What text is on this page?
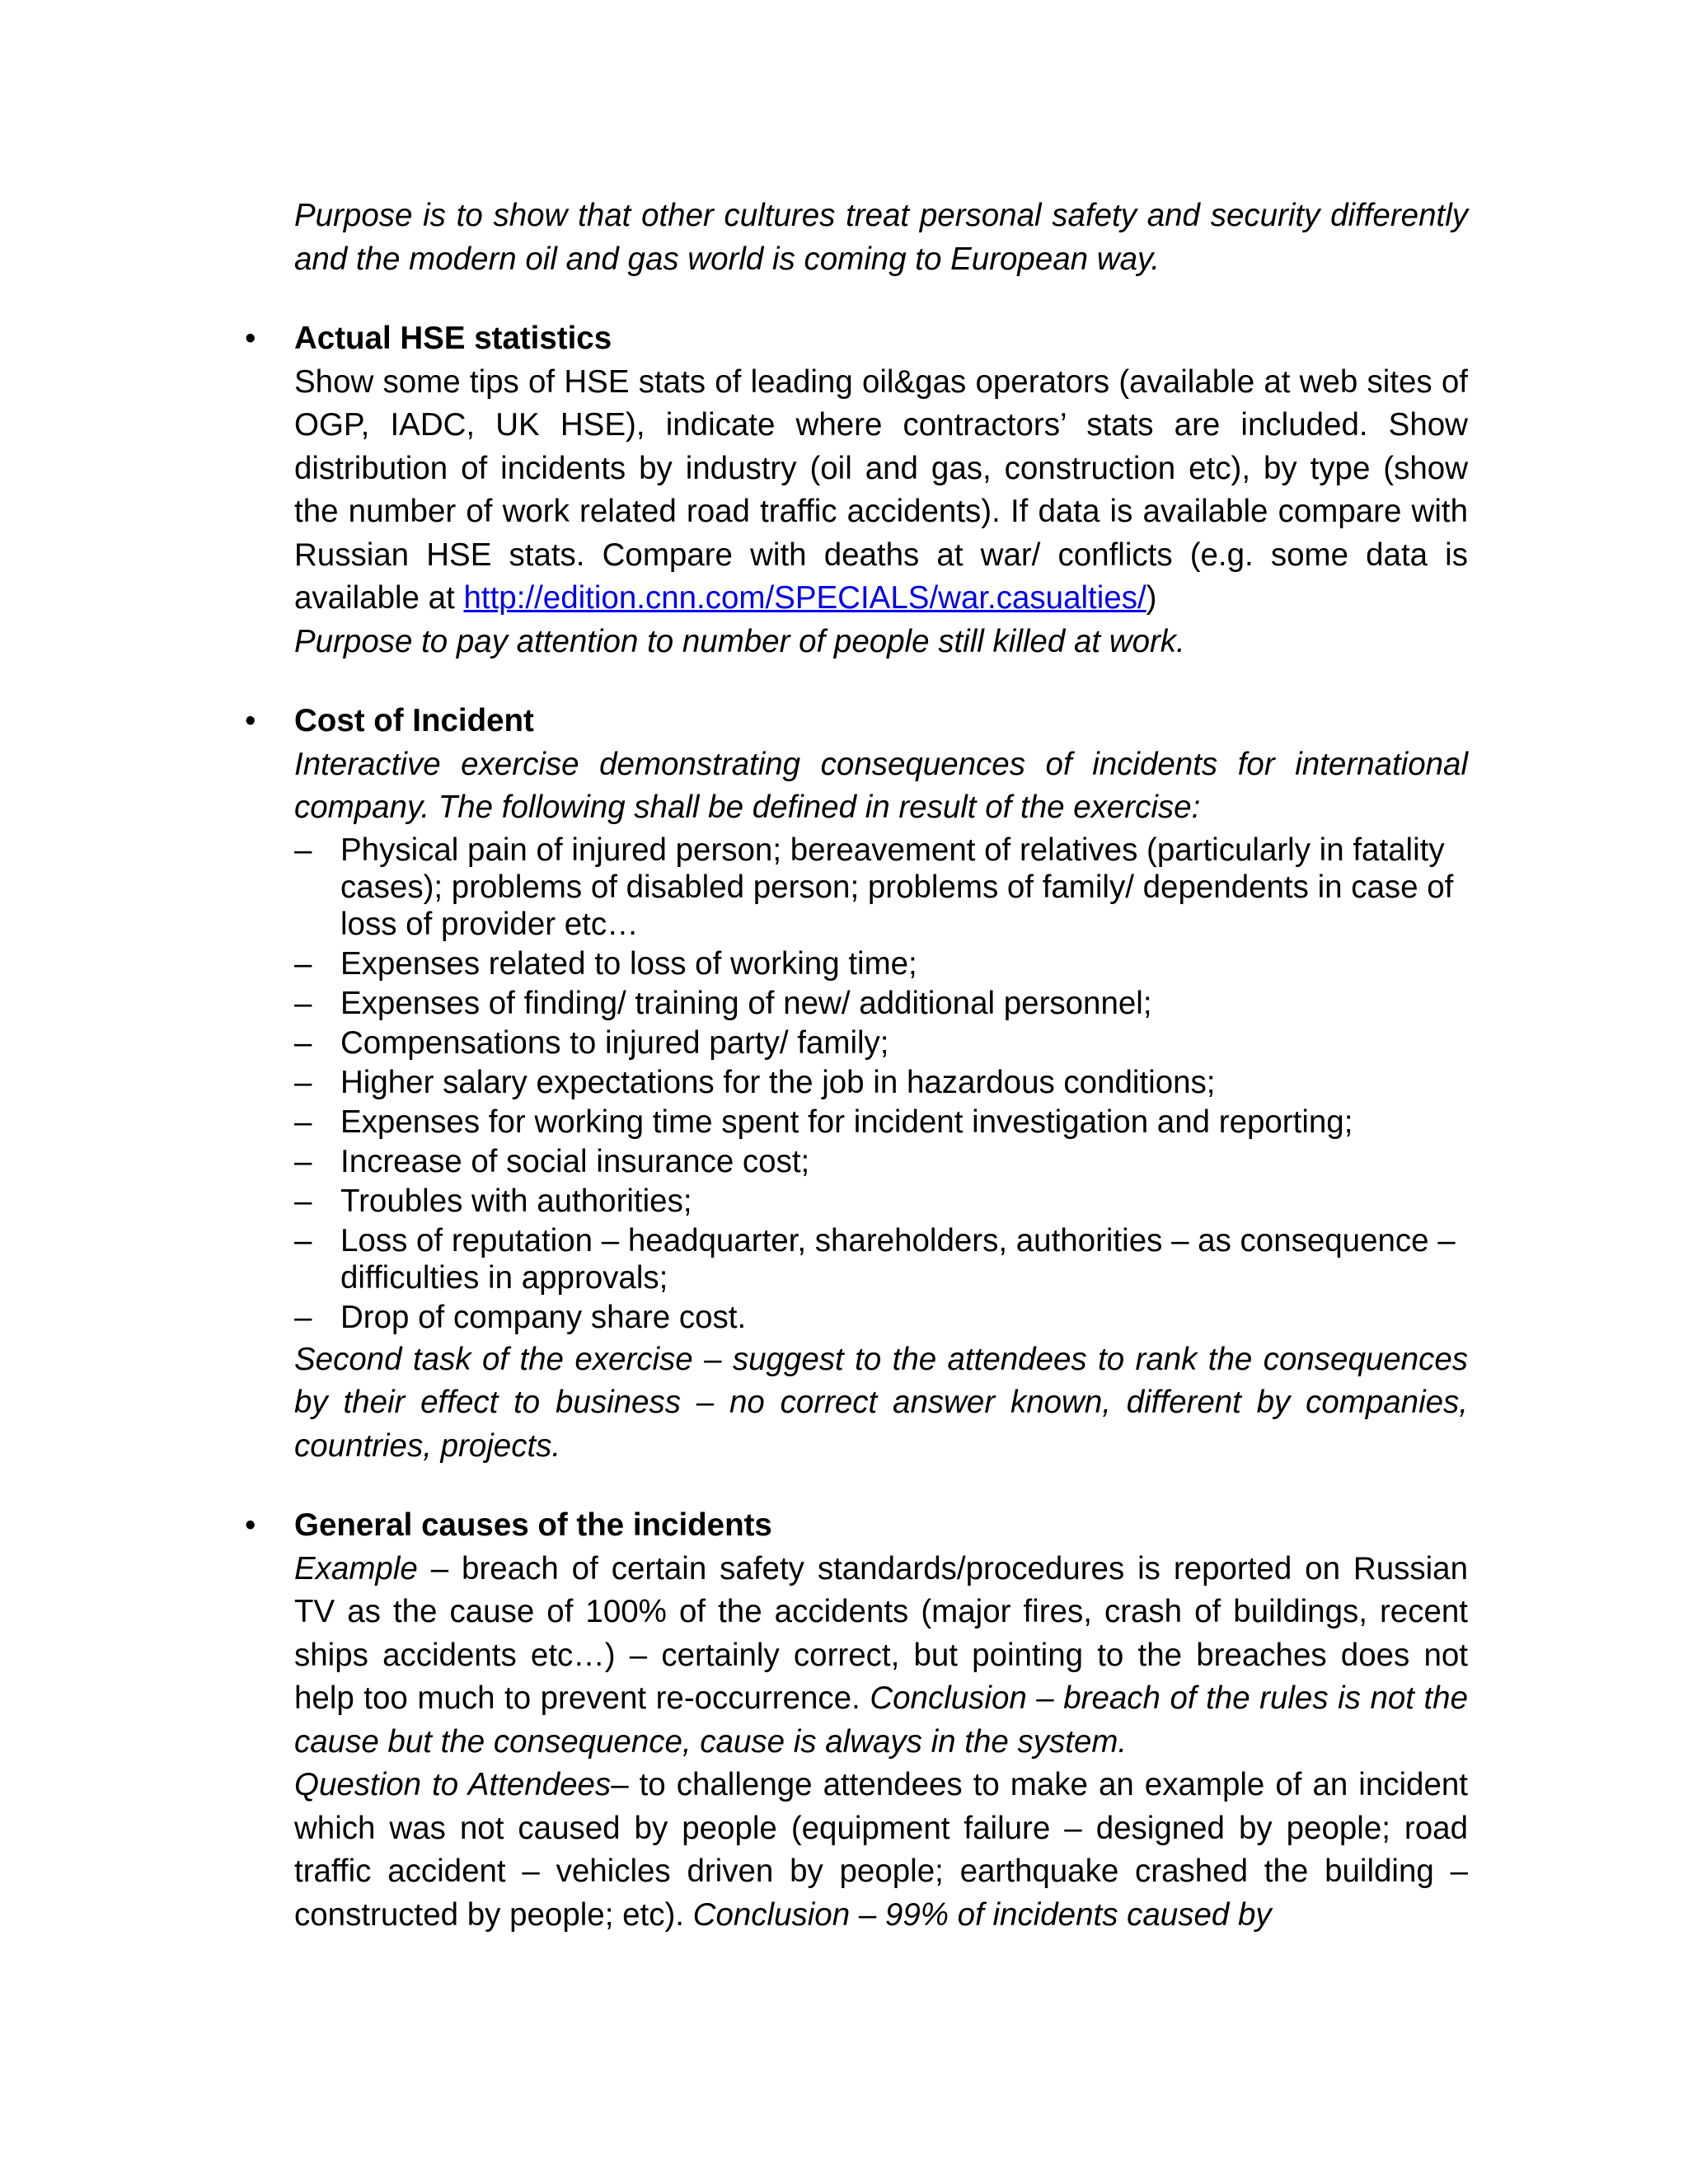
Purpose is to show that other cultures treat personal safety and security differently and the modern oil and gas world is coming to European way.

• Actual HSE statistics

Show some tips of HSE stats of leading oil&gas operators (available at web sites of OGP, IADC, UK HSE), indicate where contractors’ stats are included. Show distribution of incidents by industry (oil and gas, construction etc), by type (show the number of work related road traffic accidents). If data is available compare with Russian HSE stats. Compare with deaths at war/ conflicts (e.g. some data is available at http://edition.cnn.com/SPECIALS/war.casualties/)

Purpose to pay attention to number of people still killed at work.

• Cost of Incident

Interactive exercise demonstrating consequences of incidents for international company. The following shall be defined in result of the exercise:

– Physical pain of injured person; bereavement of relatives (particularly in fatality cases); problems of disabled person; problems of family/ dependents in case of loss of provider etc…
– Expenses related to loss of working time;
– Expenses of finding/ training of new/ additional personnel;
– Compensations to injured party/ family;
– Higher salary expectations for the job in hazardous conditions;
– Expenses for working time spent for incident investigation and reporting;
– Increase of social insurance cost;
– Troubles with authorities;
– Loss of reputation – headquarter, shareholders, authorities – as consequence – difficulties in approvals;
– Drop of company share cost.

Second task of the exercise – suggest to the attendees to rank the consequences by their effect to business – no correct answer known, different by companies, countries, projects.

• General causes of the incidents

Example – breach of certain safety standards/procedures is reported on Russian TV as the cause of 100% of the accidents (major fires, crash of buildings, recent ships accidents etc…) – certainly correct, but pointing to the breaches does not help too much to prevent re-occurrence. Conclusion – breach of the rules is not the cause but the consequence, cause is always in the system.

Question to Attendees– to challenge attendees to make an example of an incident which was not caused by people (equipment failure – designed by people; road traffic accident – vehicles driven by people; earthquake crashed the building – constructed by people; etc). Conclusion – 99% of incidents caused by
